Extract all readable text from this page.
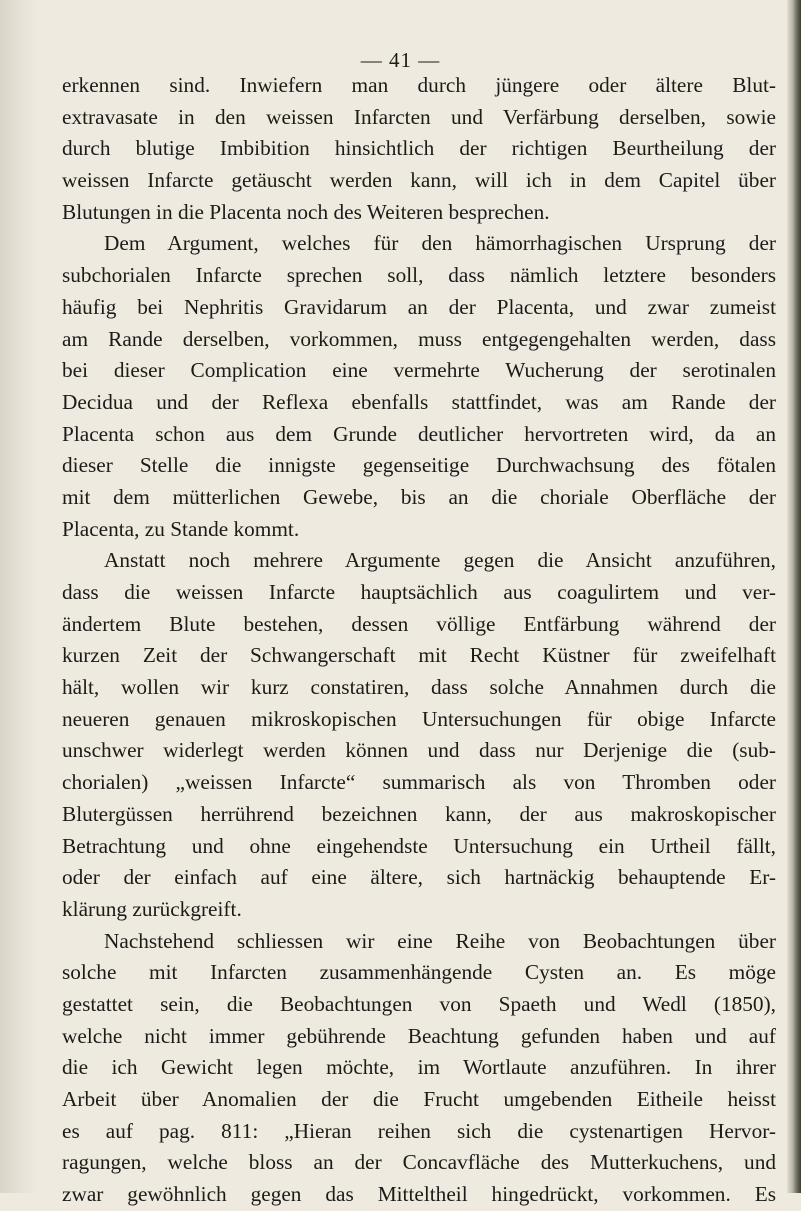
— 41 —
erkennen sind. Inwiefern man durch jüngere oder ältere Blut-
extravasate in den weissen Infarcten und Verfärbung derselben, sowie
durch blutige Imbibition hinsichtlich der richtigen Beurtheilung der
weissen Infarcte getäuscht werden kann, will ich in dem Capitel über
Blutungen in die Placenta noch des Weiteren besprechen.
Dem Argument, welches für den hämorrhagischen Ursprung der
subchorialen Infarcte sprechen soll, dass nämlich letztere besonders
häufig bei Nephritis Gravidarum an der Placenta, und zwar zumeist
am Rande derselben, vorkommen, muss entgegengehalten werden, dass
bei dieser Complication eine vermehrte Wucherung der serotinalen
Decidua und der Reflexa ebenfalls stattfindet, was am Rande der
Placenta schon aus dem Grunde deutlicher hervortreten wird, da an
dieser Stelle die innigste gegenseitige Durchwachsung des fötalen
mit dem mütterlichen Gewebe, bis an die choriale Oberfläche der
Placenta, zu Stande kommt.
Anstatt noch mehrere Argumente gegen die Ansicht anzuführen,
dass die weissen Infarcte hauptsächlich aus coagulirtem und ver-
ändertem Blute bestehen, dessen völlige Entfärbung während der
kurzen Zeit der Schwangerschaft mit Recht Küstner für zweifelhaft
hält, wollen wir kurz constatiren, dass solche Annahmen durch die
neueren genauen mikroskopischen Untersuchungen für obige Infarcte
unschwer widerlegt werden können und dass nur Derjenige die (sub-
chorialen) „weissen Infarcte“ summarisch als von Thromben oder
Blutergüssen herrührend bezeichnen kann, der aus makroskopischer
Betrachtung und ohne eingehendste Untersuchung ein Urtheil fällt,
oder der einfach auf eine ältere, sich hartnäckig behauptende Er-
klärung zurückgreift.
Nachstehend schliessen wir eine Reihe von Beobachtungen über
solche mit Infarcten zusammenhängende Cysten an. Es möge
gestattet sein, die Beobachtungen von Spaeth und Wedl (1850),
welche nicht immer gebührende Beachtung gefunden haben und auf
die ich Gewicht legen möchte, im Wortlaute anzuführen. In ihrer
Arbeit über Anomalien der die Frucht umgebenden Eitheile heisst
es auf pag. 811: „Hieran reihen sich die cystenartigen Hervor-
ragungen, welche bloss an der Concavfläche des Mutterkuchens, und
zwar gewöhnlich gegen das Mitteltheil hingedrückt, vorkommen. Es
